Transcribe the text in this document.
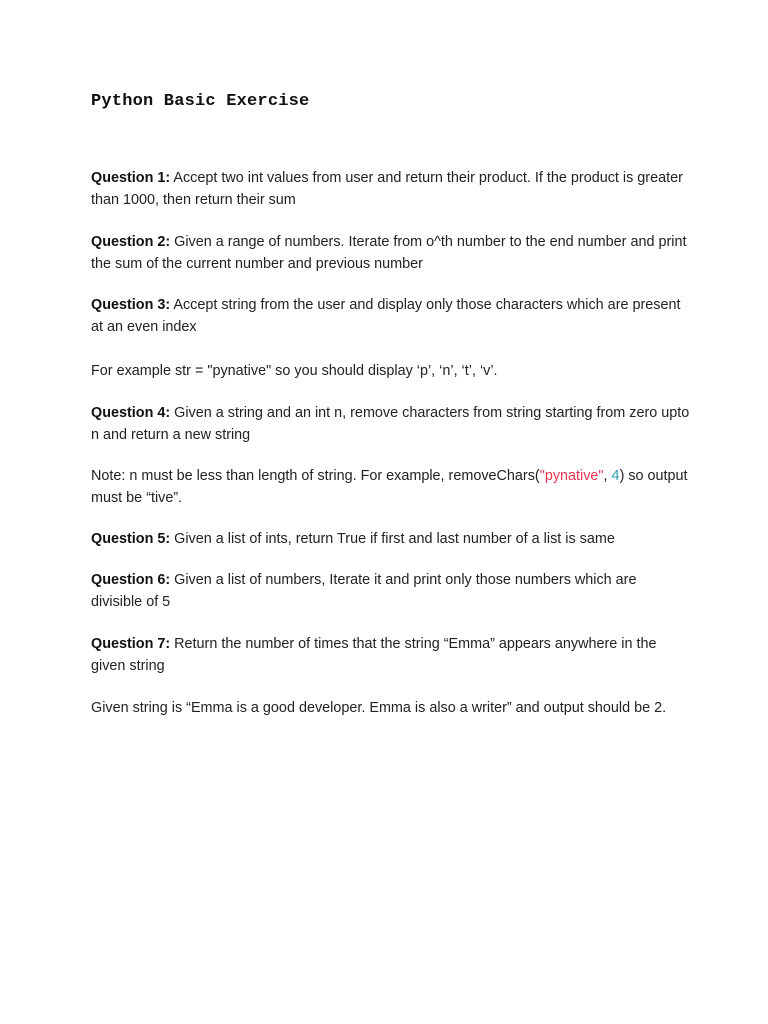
Python Basic Exercise

Question 1: Accept two int values from user and return their product. If the product is greater than 1000, then return their sum

Question 2: Given a range of numbers. Iterate from o^th number to the end number and print the sum of the current number and previous number

Question 3: Accept string from the user and display only those characters which are present at an even index

For example str = "pynative" so you should display ‘p’, ‘n’, ‘t’, ‘v’.

Question 4: Given a string and an int n, remove characters from string starting from zero upto n and return a new string

Note: n must be less than length of string. For example, removeChars("pynative", 4) so output must be “tive”.

Question 5: Given a list of ints, return True if first and last number of a list is same

Question 6: Given a list of numbers, Iterate it and print only those numbers which are divisible of 5

Question 7: Return the number of times that the string “Emma” appears anywhere in the given string

Given string is “Emma is a good developer. Emma is also a writer” and output should be 2.
